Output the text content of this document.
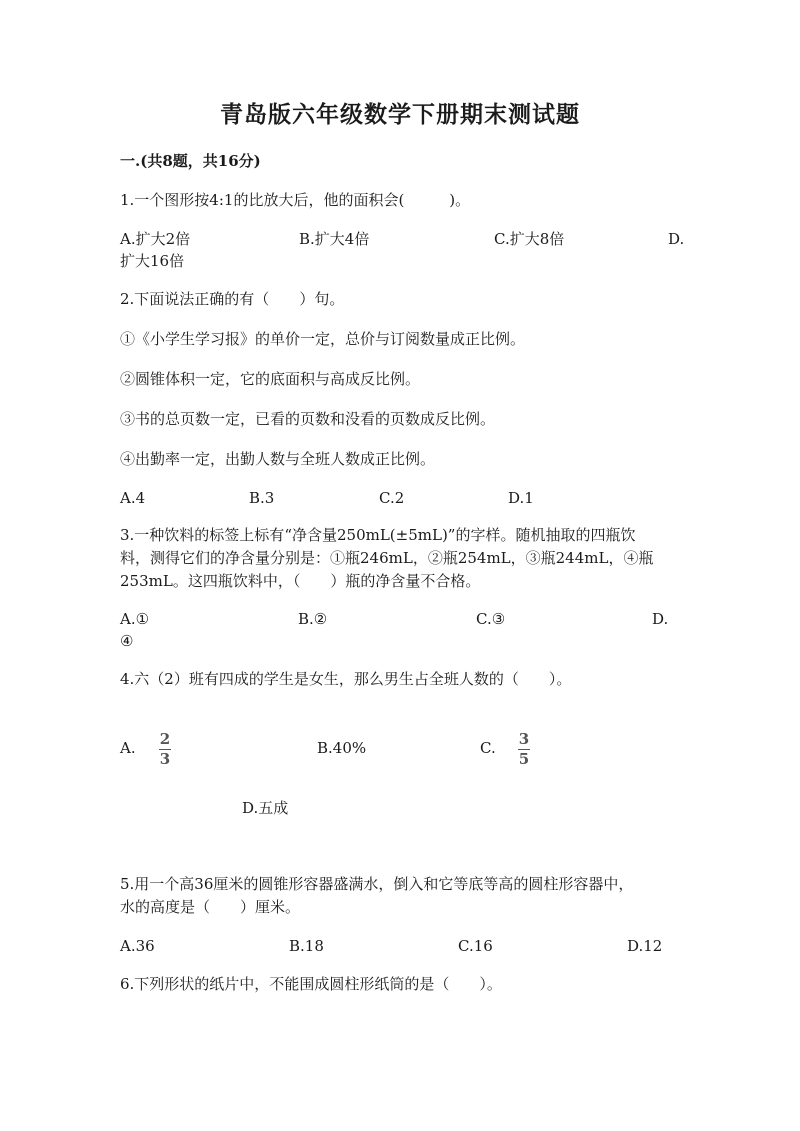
青岛版六年级数学下册期末测试题
一.(共8题，共16分)
1.一个图形按4:1的比放大后，他的面积会(　　　)。
A.扩大2倍	B.扩大4倍	C.扩大8倍	D.
扩大16倍
2.下面说法正确的有（　　）句。
①《小学生学习报》的单价一定，总价与订阅数量成正比例。
②圆锥体积一定，它的底面积与高成反比例。
③书的总页数一定，已看的页数和没看的页数成反比例。
④出勤率一定，出勤人数与全班人数成正比例。
A.4	B.3	C.2	D.1
3.一种饮料的标签上标有“净含量250mL(±5mL)”的字样。随机抽取的四瓶饮
料，测得它们的净含量分别是：①瓶246mL，②瓶254mL，③瓶244mL，④瓶
253mL。这四瓶饮料中，（　　）瓶的净含量不合格。
A.①	B.②	C.③	D.
④
4.六（2）班有四成的学生是女生，那么男生占全班人数的（　　）。
A. 2
3
B.40%	C. 3
5
D.五成
5.用一个高36厘米的圆锥形容器盛满水，倒入和它等底等高的圆柱形容器中，
水的高度是（　　）厘米。
A.36	B.18	C.16	D.12
6.下列形状的纸片中，不能围成圆柱形纸筒的是（　　）。
